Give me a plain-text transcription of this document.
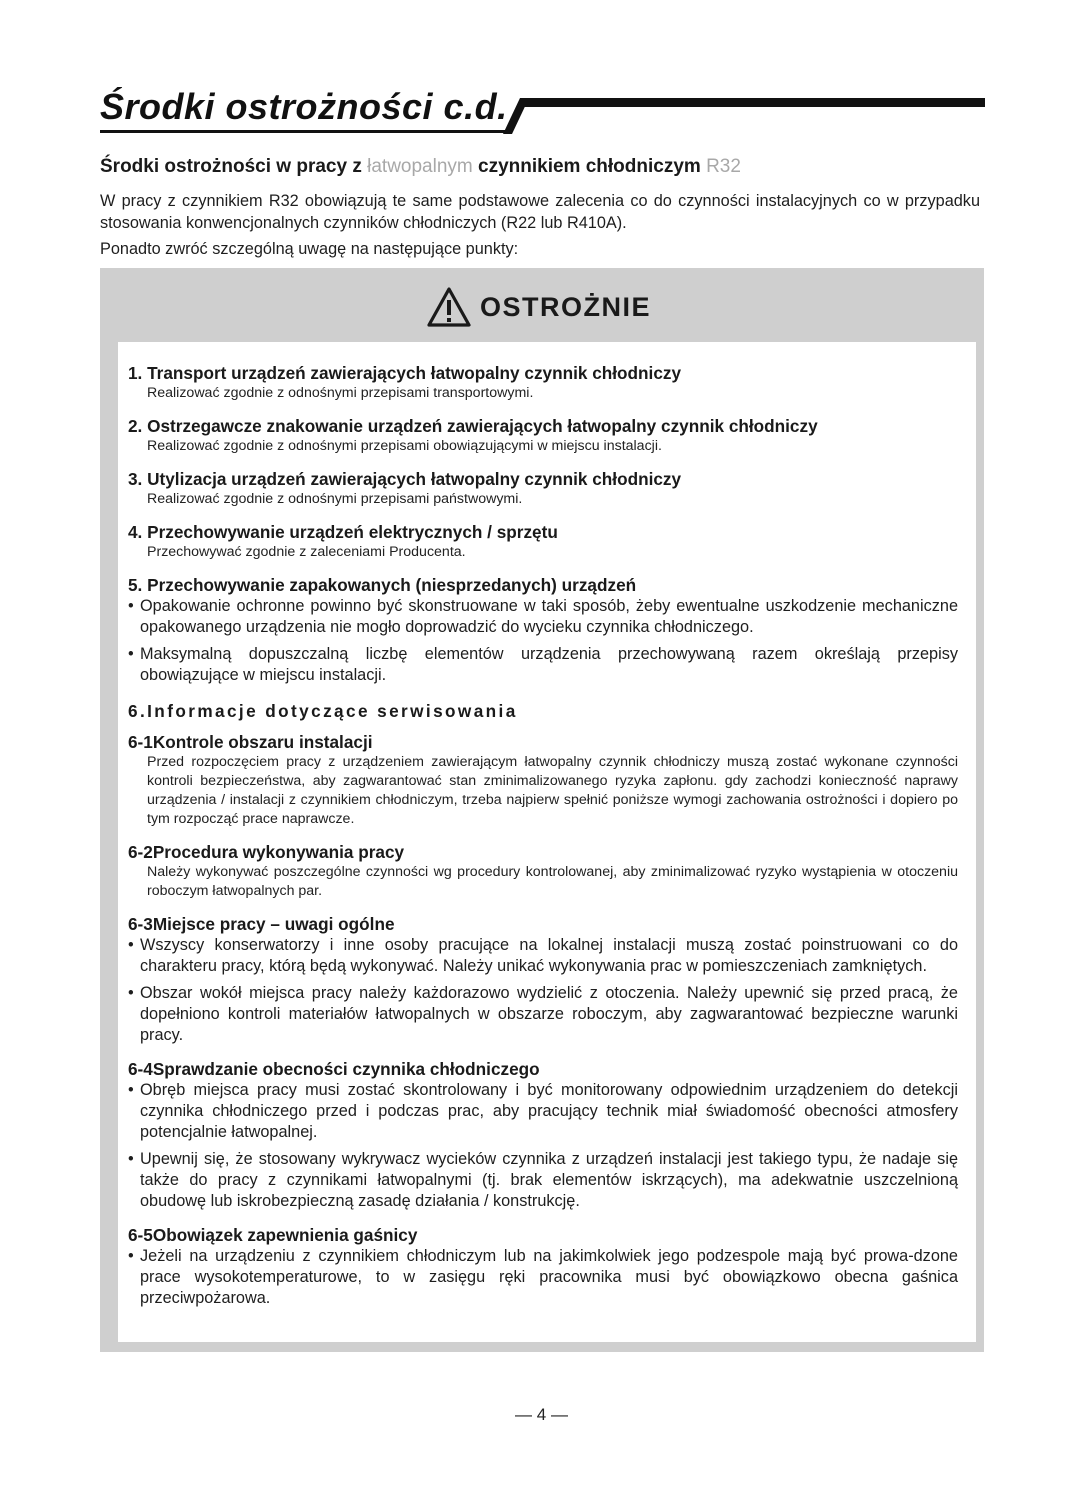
Środki ostrożności c.d.
Środki ostrożności w pracy z łatwopalnym czynnikiem chłodniczym R32
W pracy z czynnikiem R32 obowiązują te same podstawowe zalecenia co do czynności instalacyjnych co w przypadku stosowania konwencjonalnych czynników chłodniczych (R22 lub R410A).
Ponadto zwróć szczególną uwagę na następujące punkty:
OSTROŻNIE
1. Transport urządzeń zawierających łatwopalny czynnik chłodniczy
Realizować zgodnie z odnośnymi przepisami transportowymi.
2. Ostrzegawcze znakowanie urządzeń zawierających łatwopalny czynnik chłodniczy
Realizować zgodnie z odnośnymi przepisami obowiązującymi w miejscu instalacji.
3. Utylizacja urządzeń zawierających łatwopalny czynnik chłodniczy
Realizować zgodnie z odnośnymi przepisami państwowymi.
4. Przechowywanie urządzeń elektrycznych / sprzętu
Przechowywać zgodnie z zaleceniami Producenta.
5. Przechowywanie zapakowanych (niesprzedanych) urządzeń
• Opakowanie ochronne powinno być skonstruowane w taki sposób, żeby ewentualne uszkodzenie mechaniczne opakowanego urządzenia nie mogło doprowadzić do wycieku czynnika chłodniczego.
• Maksymalną dopuszczalną liczbę elementów urządzenia przechowywaną razem określają przepisy obowiązujące w miejscu instalacji.
6.Informacje dotyczące serwisowania
6-1Kontrole obszaru instalacji
Przed rozpoczęciem pracy z urządzeniem zawierającym łatwopalny czynnik chłodniczy muszą zostać wykonane czynności kontroli bezpieczeństwa, aby zagwarantować stan zminimalizowanego ryzyka zapłonu. gdy zachodzi konieczność naprawy urządzenia / instalacji z czynnikiem chłodniczym, trzeba najpierw spełnić poniższe wymogi zachowania ostrożności i dopiero po tym rozpocząć prace naprawcze.
6-2Procedura wykonywania pracy
Należy wykonywać poszczególne czynności wg procedury kontrolowanej, aby zminimalizować ryzyko wystąpienia w otoczeniu roboczym łatwopalnych par.
6-3Miejsce pracy – uwagi ogólne
• Wszyscy konserwatorzy i inne osoby pracujące na lokalnej instalacji muszą zostać poinstruowani co do charakteru pracy, którą będą wykonywać. Należy unikać wykonywania prac w pomieszczeniach zamkniętych.
• Obszar wokół miejsca pracy należy każdorazowo wydzielić z otoczenia. Należy upewnić się przed pracą, że dopełniono kontroli materiałów łatwopalnych w obszarze roboczym, aby zagwarantować bezpieczne warunki pracy.
6-4Sprawdzanie obecności czynnika chłodniczego
• Obręb miejsca pracy musi zostać skontrolowany i być monitorowany odpowiednim urządzeniem do detekcji czynnika chłodniczego przed i podczas prac, aby pracujący technik miał świadomość obecności atmosfery potencjalnie łatwopalnej.
• Upewnij się, że stosowany wykrywacz wycieków czynnika z urządzeń instalacji jest takiego typu, że nadaje się także do pracy z czynnikami łatwopalnymi (tj. brak elementów iskrzących), ma adekwatnie uszczelnioną obudowę lub iskrobezpieczną zasadę działania / konstrukcję.
6-5Obowiązek zapewnienia gaśnicy
• Jeżeli na urządzeniu z czynnikiem chłodniczym lub na jakimkolwiek jego podzespole mają być prowa-dzone prace wysokotemperaturowe, to w zasięgu ręki pracownika musi być obowiązkowo obecna gaśnica przeciwpożarowa.
— 4 —
